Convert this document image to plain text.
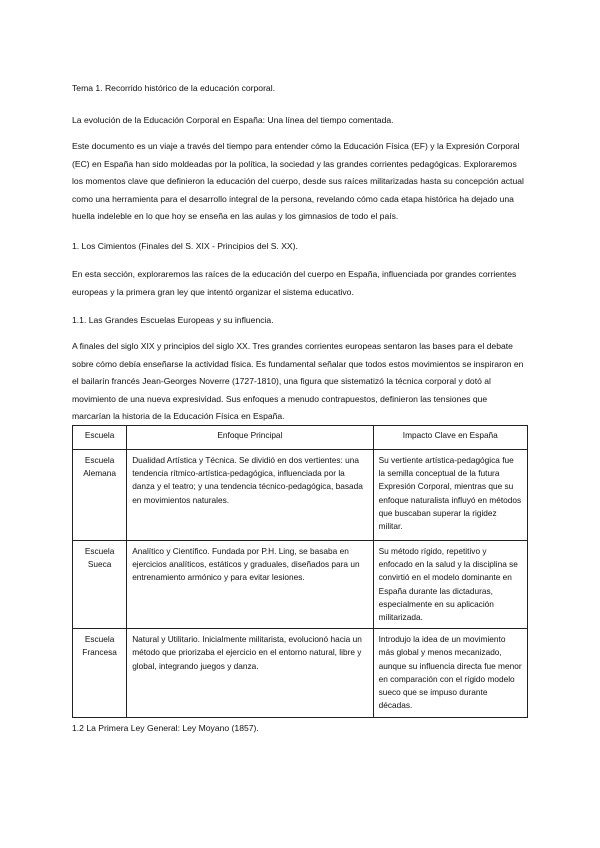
Tema 1. Recorrido histórico de la educación corporal.

La evolución de la Educación Corporal en España: Una línea del tiempo comentada.

Este documento es un viaje a través del tiempo para entender cómo la Educación Física (EF) y la Expresión Corporal (EC) en España han sido moldeadas por la política, la sociedad y las grandes corrientes pedagógicas. Exploraremos los momentos clave que definieron la educación del cuerpo, desde sus raíces militarizadas hasta su concepción actual como una herramienta para el desarrollo integral de la persona, revelando cómo cada etapa histórica ha dejado una huella indeleble en lo que hoy se enseña en las aulas y los gimnasios de todo el país.

1. Los Cimientos (Finales del S. XIX - Principios del S. XX).

En esta sección, exploraremos las raíces de la educación del cuerpo en España, influenciada por grandes corrientes europeas y la primera gran ley que intentó organizar el sistema educativo.

1.1. Las Grandes Escuelas Europeas y su influencia.

A finales del siglo XIX y principios del siglo XX. Tres grandes corrientes europeas sentaron las bases para el debate sobre cómo debía enseñarse la actividad física. Es fundamental señalar que todos estos movimientos se inspiraron en el bailarín francés Jean-Georges Noverre (1727-1810), una figura que sistematizó la técnica corporal y dotó al movimiento de una nueva expresividad. Sus enfoques a menudo contrapuestos, definieron las tensiones que marcarían la historia de la Educación Física en España.

Escuela	Enfoque Principal	Impacto Clave en España
Escuela Alemana	Dualidad Artística y Técnica. Se dividió en dos vertientes: una tendencia rítmico-artística-pedagógica, influenciada por la danza y el teatro; y una tendencia técnico-pedagógica, basada en movimientos naturales.	Su vertiente artística-pedagógica fue la semilla conceptual de la futura Expresión Corporal, mientras que su enfoque naturalista influyó en métodos que buscaban superar la rigidez militar.
Escuela Sueca	Analítico y Científico. Fundada por P.H. Ling, se basaba en ejercicios analíticos, estáticos y graduales, diseñados para un entrenamiento armónico y para evitar lesiones.	Su método rígido, repetitivo y enfocado en la salud y la disciplina se convirtió en el modelo dominante en España durante las dictaduras, especialmente en su aplicación militarizada.
Escuela Francesa	Natural y Utilitario. Inicialmente militarista, evolucionó hacia un método que priorizaba el ejercicio en el entorno natural, libre y global, integrando juegos y danza.	Introdujo la idea de un movimiento más global y menos mecanizado, aunque su influencia directa fue menor en comparación con el rígido modelo sueco que se impuso durante décadas.

1.2 La Primera Ley General: Ley Moyano (1857).
